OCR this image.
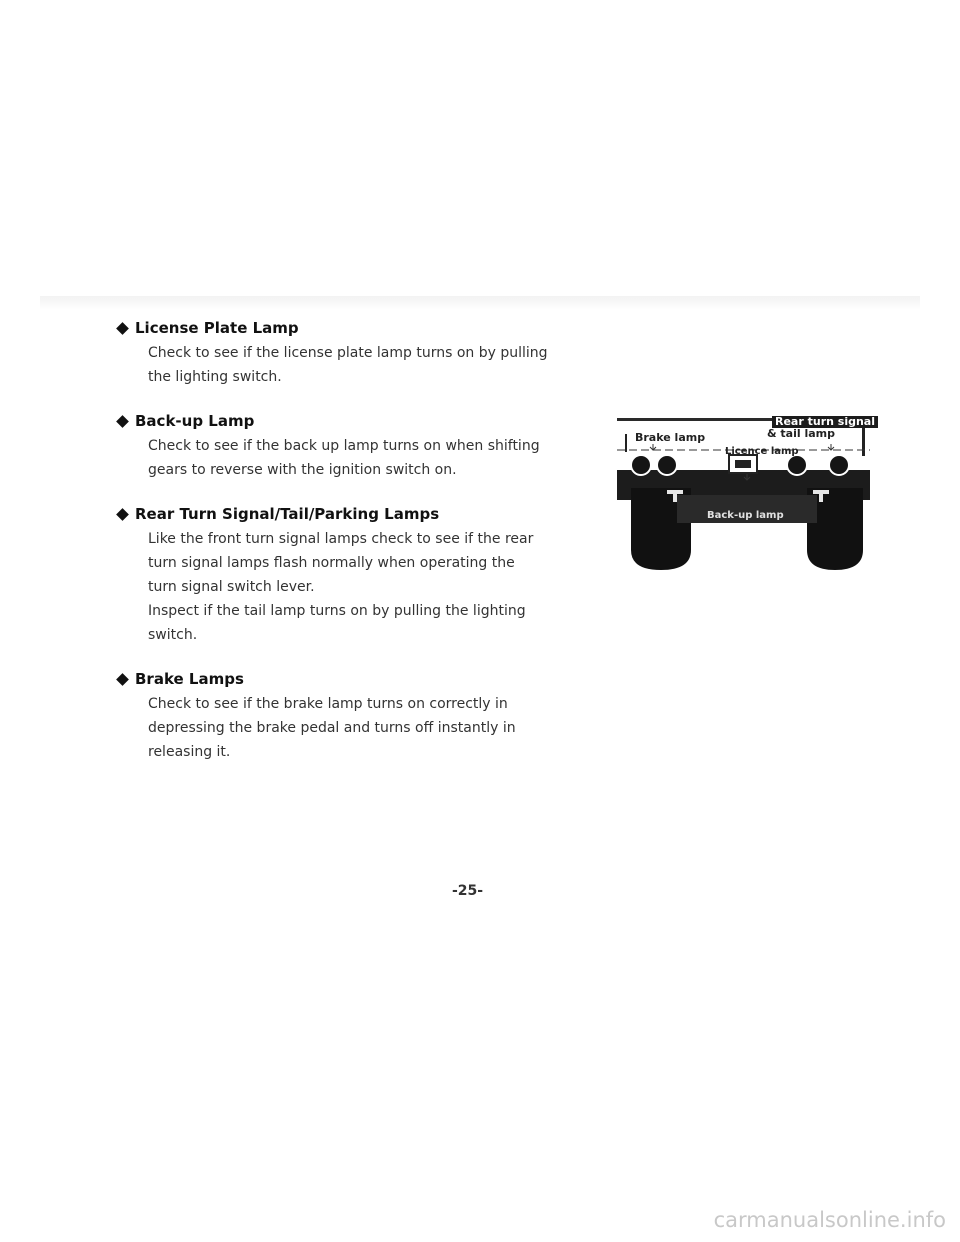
License Plate Lamp
Check to see if the license plate lamp turns on by pulling
the lighting switch.
Back-up Lamp
Check to see if the back up lamp turns on when shifting
gears to reverse with the ignition switch on.
Rear Turn Signal/Tail/Parking Lamps
Like the front turn signal lamps check to see if the rear
turn signal lamps flash normally when operating the
turn signal switch lever.
Inspect if the tail lamp turns on by pulling the lighting
switch.
Brake Lamps
Check to see if the brake lamp turns on correctly in
depressing the brake pedal and turns off instantly in
releasing it.
Rear turn signal
& tail lamp
Brake lamp
Licence lamp
Back-up lamp
-25-
carmanualsonline.info
